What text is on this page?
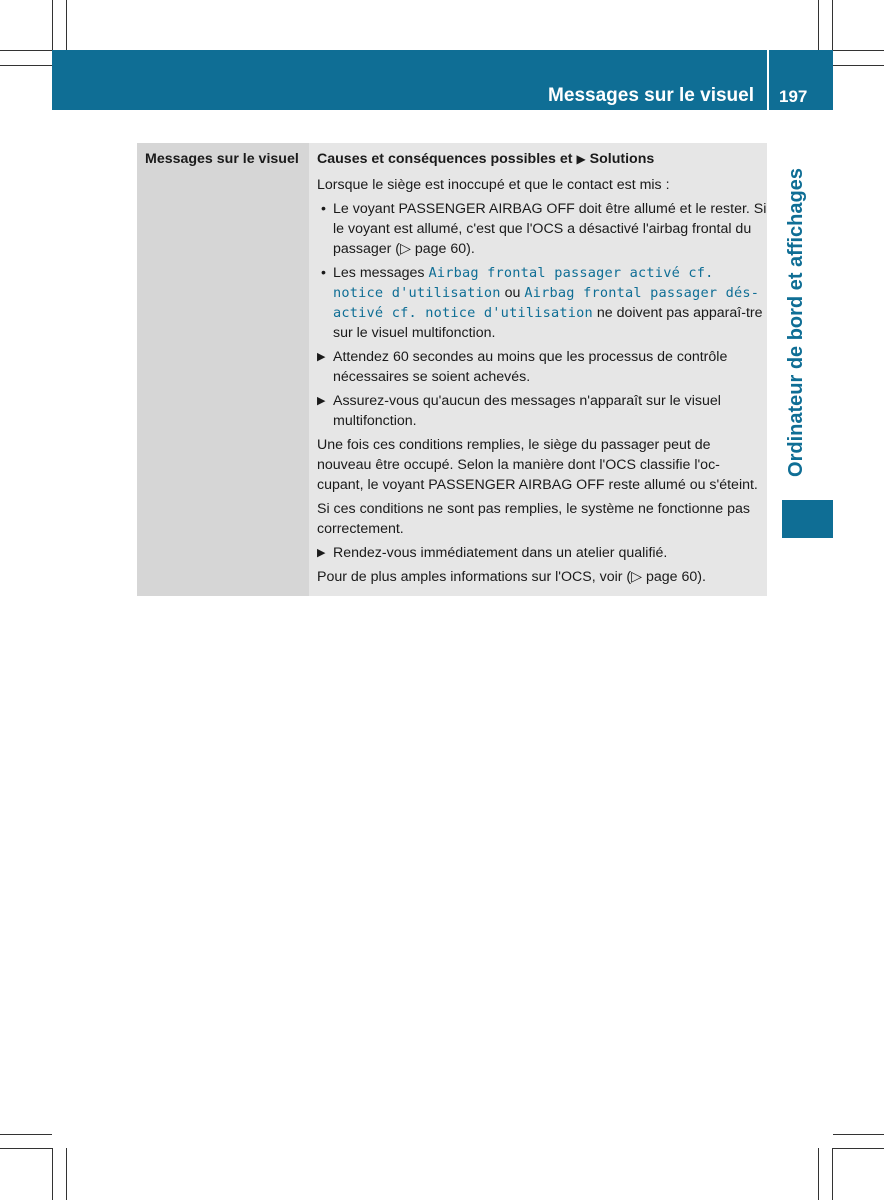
Messages sur le visuel 197
Ordinateur de bord et affichages
Messages sur le visuel	Causes et conséquences possibles et ▶ Solutions

Lorsque le siège est inoccupé et que le contact est mis :

• Le voyant PASSENGER AIRBAG OFF doit être allumé et le rester. Si le voyant est allumé, c'est que l'OCS a désactivé l'airbag frontal du passager (▷ page 60).
• Les messages Airbag frontal passager activé cf. notice d'utilisation ou Airbag frontal passager dés-activé cf. notice d'utilisation ne doivent pas apparaî-tre sur le visuel multifonction.
▶ Attendez 60 secondes au moins que les processus de contrôle nécessaires se soient achevés.
▶ Assurez-vous qu'aucun des messages n'apparaît sur le visuel multifonction.

Une fois ces conditions remplies, le siège du passager peut de nouveau être occupé. Selon la manière dont l'OCS classifie l'oc-cupant, le voyant PASSENGER AIRBAG OFF reste allumé ou s'éteint.

Si ces conditions ne sont pas remplies, le système ne fonctionne pas correctement.

▶ Rendez-vous immédiatement dans un atelier qualifié.

Pour de plus amples informations sur l'OCS, voir (▷ page 60).
